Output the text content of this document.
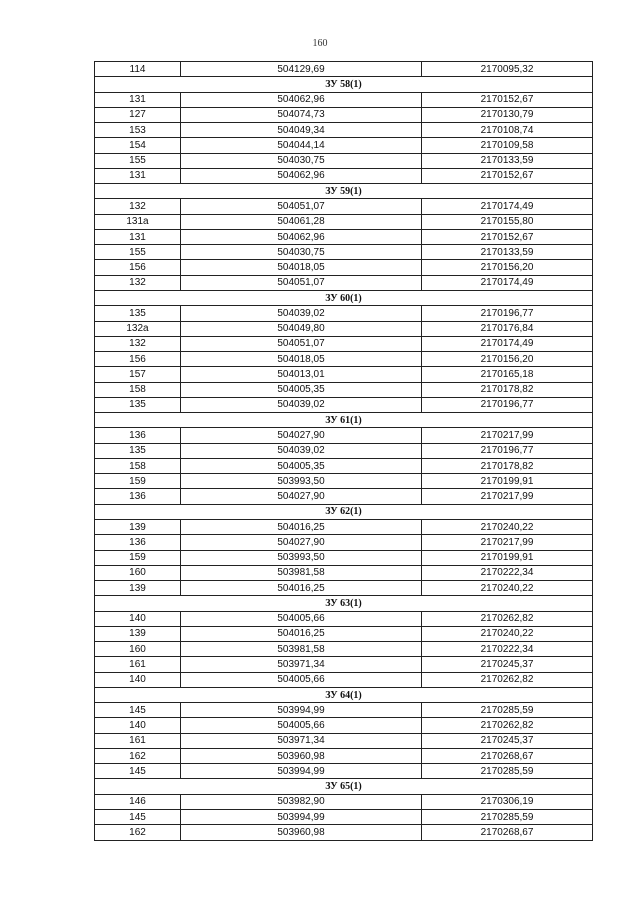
160
114	504129,69	2170095,32
ЗУ 58(1)		
131	504062,96	2170152,67
127	504074,73	2170130,79
153	504049,34	2170108,74
154	504044,14	2170109,58
155	504030,75	2170133,59
131	504062,96	2170152,67
ЗУ 59(1)		
132	504051,07	2170174,49
131а	504061,28	2170155,80
131	504062,96	2170152,67
155	504030,75	2170133,59
156	504018,05	2170156,20
132	504051,07	2170174,49
ЗУ 60(1)		
135	504039,02	2170196,77
132а	504049,80	2170176,84
132	504051,07	2170174,49
156	504018,05	2170156,20
157	504013,01	2170165,18
158	504005,35	2170178,82
135	504039,02	2170196,77
ЗУ 61(1)		
136	504027,90	2170217,99
135	504039,02	2170196,77
158	504005,35	2170178,82
159	503993,50	2170199,91
136	504027,90	2170217,99
ЗУ 62(1)		
139	504016,25	2170240,22
136	504027,90	2170217,99
159	503993,50	2170199,91
160	503981,58	2170222,34
139	504016,25	2170240,22
ЗУ 63(1)		
140	504005,66	2170262,82
139	504016,25	2170240,22
160	503981,58	2170222,34
161	503971,34	2170245,37
140	504005,66	2170262,82
ЗУ 64(1)		
145	503994,99	2170285,59
140	504005,66	2170262,82
161	503971,34	2170245,37
162	503960,98	2170268,67
145	503994,99	2170285,59
ЗУ 65(1)		
146	503982,90	2170306,19
145	503994,99	2170285,59
162	503960,98	2170268,67
